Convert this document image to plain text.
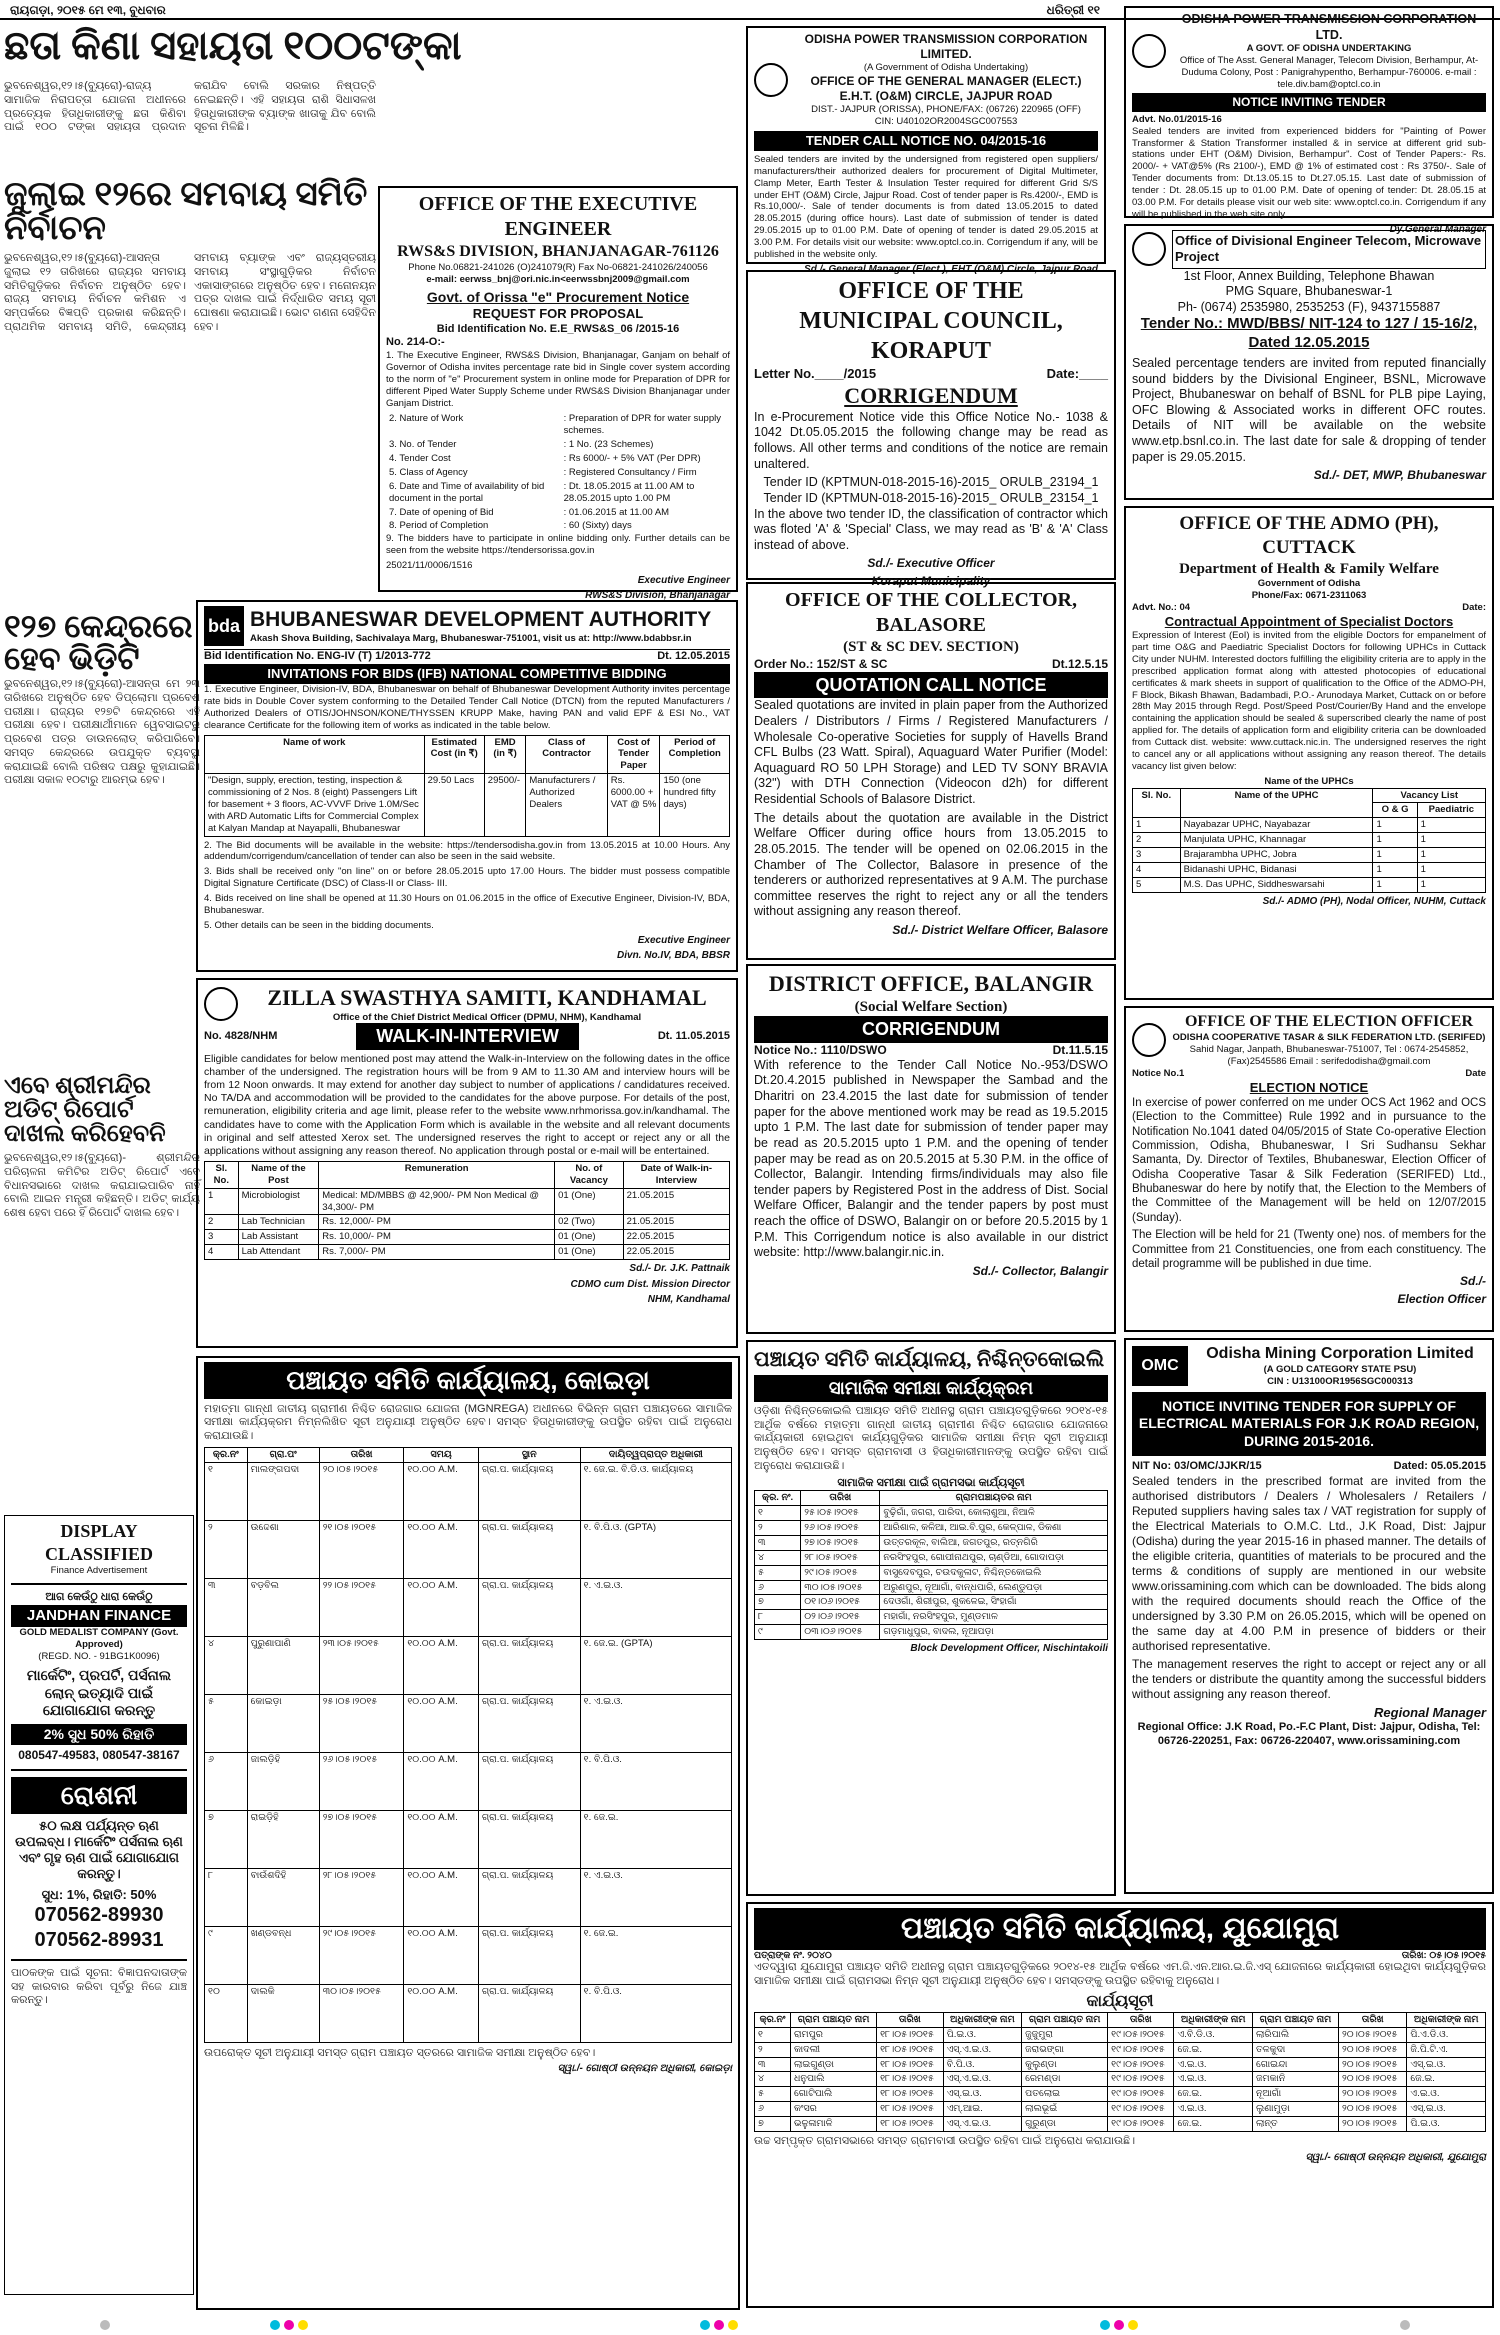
ରାୟଗଡ଼ା, ୨୦୧୫ ମେ ୧୩, ବୁଧବାର	ଧରିତ୍ରୀ ୧୧
ଛତା କିଣା ସହାୟତା ୧୦୦ଟଙ୍କା
ଭୁବନେଶ୍ୱର,୧୨।୫(ବ୍ୟୁରୋ)-ରାଜ୍ୟ ସାମାଜିକ ନିରାପତ୍ତା ଯୋଜନା ଅଧୀନରେ ପ୍ରତ୍ୟେକ ହିତାଧିକାରୀଙ୍କୁ ଛତା କିଣିବା ପାଇଁ ୧୦୦ ଟଙ୍କା ସହାୟତା ପ୍ରଦାନ କରାଯିବ ବୋଲି ସରକାର ନିଷ୍ପତ୍ତି ନେଇଛନ୍ତି। ଏହି ସହାୟତା ରାଶି ସିଧାସଳଖ ହିତାଧିକାରୀଙ୍କ ବ୍ୟାଙ୍କ ଖାତାକୁ ଯିବ ବୋଲି ସୂଚନା ମିଳିଛି।
ଜୁଲାଇ ୧୨ରେ ସମବାୟ ସମିତି ନିର୍ବାଚନ
ଭୁବନେଶ୍ୱର,୧୨।୫(ବ୍ୟୁରୋ)-ଆସନ୍ତା ଜୁଲାଇ ୧୨ ତାରିଖରେ ରାଜ୍ୟର ସମବାୟ ସମିତିଗୁଡ଼ିକର ନିର୍ବାଚନ ଅନୁଷ୍ଠିତ ହେବ। ରାଜ୍ୟ ସମବାୟ ନିର୍ବାଚନ କମିଶନ ଏ ସମ୍ପର୍କରେ ବିଜ୍ଞପ୍ତି ପ୍ରକାଶ କରିଛନ୍ତି। ପ୍ରାଥମିକ ସମବାୟ ସମିତି, କେନ୍ଦ୍ରୀୟ ସମବାୟ ବ୍ୟାଙ୍କ ଏବଂ ରାଜ୍ୟସ୍ତରୀୟ ସମବାୟ ସଂସ୍ଥାଗୁଡ଼ିକର ନିର୍ବାଚନ ଏକାସାଙ୍ଗରେ ଅନୁଷ୍ଠିତ ହେବ। ମନୋନୟନ ପତ୍ର ଦାଖଲ ପାଇଁ ନିର୍ଦ୍ଧାରିତ ସମୟ ସୂଚୀ ଘୋଷଣା କରାଯାଇଛି। ଭୋଟ ଗଣନା ସେହିଦିନ ହେବ।
୧୨୭ କେନ୍ଦ୍ରରେ ହେବ ଭିଡ଼ିଟି
ଭୁବନେଶ୍ୱର,୧୨।୫(ବ୍ୟୁରୋ)-ଆସନ୍ତା ମେ ୨୩ ତାରିଖରେ ଅନୁଷ୍ଠିତ ହେବ ଡିପ୍ଲୋମା ପ୍ରବେଶ ପରୀକ୍ଷା। ରାଜ୍ୟର ୧୨୭ଟି କେନ୍ଦ୍ରରେ ଏହି ପରୀକ୍ଷା ହେବ। ପରୀକ୍ଷାର୍ଥୀମାନେ ୱେବସାଇଟରୁ ପ୍ରବେଶ ପତ୍ର ଡାଉନଲୋଡ୍ କରିପାରିବେ। ସମସ୍ତ କେନ୍ଦ୍ରରେ ଉପଯୁକ୍ତ ବ୍ୟବସ୍ଥା କରାଯାଇଛି ବୋଲି ପରିଷଦ ପକ୍ଷରୁ କୁହାଯାଇଛି। ପରୀକ୍ଷା ସକାଳ ୧୦ଟାରୁ ଆରମ୍ଭ ହେବ।
ଏବେ ଶ୍ରୀମନ୍ଦିର ଅଡିଟ୍ ରିପୋର୍ଟ ଦାଖଲ କରିହେବନି
ଭୁବନେଶ୍ୱର,୧୨।୫(ବ୍ୟୁରୋ)- ଶ୍ରୀମନ୍ଦିର ପରିଚାଳନା କମିଟିର ଅଡିଟ୍ ରିପୋର୍ଟ ଏବେ ବିଧାନସଭାରେ ଦାଖଲ କରାଯାଇପାରିବ ନାହିଁ ବୋଲି ଆଇନ ମନ୍ତ୍ରୀ କହିଛନ୍ତି। ଅଡିଟ୍ କାର୍ଯ୍ୟ ଶେଷ ହେବା ପରେ ହିଁ ରିପୋର୍ଟ ଦାଖଲ ହେବ।
DISPLAY CLASSIFIED
Finance Advertisement
ଆଗ କେଉଁଠୁ ଧାରା କେଉଁଠୁ
JANDHAN FINANCE
GOLD MEDALIST COMPANY (Govt. Approved)
(REGD. NO. - 91BG1K0096)
ମାର୍କେଟିଂ, ପ୍ରପର୍ଟି, ପର୍ସନାଲ ଲୋନ୍ ଇତ୍ୟାଦି ପାଇଁ ଯୋଗାଯୋଗ କରନ୍ତୁ
2% ସୁଧ 50% ରିହାତି
080547-49583, 080547-38167
ରୋଶନୀ
୫୦ ଲକ୍ଷ ପର୍ଯ୍ୟନ୍ତ ଋଣ ଉପଲବ୍ଧ। ମାର୍କେଟିଂ ପର୍ସନାଲ ଋଣ ଏବଂ ଗୃହ ଋଣ ପାଇଁ ଯୋଗାଯୋଗ କରନ୍ତୁ।
ସୁଧ: 1%, ରିହାତି: 50%
070562-89930
070562-89931
ପାଠକଙ୍କ ପାଇଁ ସୂଚନା: ବିଜ୍ଞାପନଦାତାଙ୍କ ସହ କାରବାର କରିବା ପୂର୍ବରୁ ନିଜେ ଯାଞ୍ଚ କରନ୍ତୁ।
OFFICE OF THE EXECUTIVE ENGINEER
RWS&S DIVISION, BHANJANAGAR-761126
Phone No.06821-241026 (O)241079(R) Fax No-06821-241026/240056
e-mail: eerwss_bnj@ori.nic.in<eerwssbnj2009@gmail.com
Govt. of Orissa "e" Procurement Notice
REQUEST FOR PROPOSAL
Bid Identification No. E.E_RWS&S_06 /2015-16
No. 214-O:-

1. The Executive Engineer, RWS&S Division, Bhanjanagar, Ganjam on behalf of Governor of Odisha invites percentage rate bid in Single cover system according to the norm of "e" Procurement system in online mode for Preparation of DPR for different Piped Water Supply Scheme under RWS&S Division Bhanjanagar under Ganjam District.

2. Nature of Work	: Preparation of DPR for water supply schemes.
3. No. of Tender	: 1 No. (23 Schemes)
4. Tender Cost	: Rs 6000/- + 5% VAT (Per DPR)
5. Class of Agency	: Registered Consultancy / Firm
6. Date and Time of availability of bid document in the portal	: Dt. 18.05.2015 at 11.00 AM to 28.05.2015 upto 1.00 PM
7. Date of opening of Bid	: 01.06.2015 at 11.00 AM
8. Period of Completion	: 60 (Sixty) days

9. The bidders have to participate in online bidding only. Further details can be seen from the website https://tendersorissa.gov.in

25021/11/0006/1516
Executive Engineer
RWS&S Division, Bhanjanagar
bda BHUBANESWAR DEVELOPMENT AUTHORITY
Akash Shova Building, Sachivalaya Marg, Bhubaneswar-751001, visit us at: http://www.bdabbsr.in
Bid Identification No. ENG-IV (T) 1/2013-772	Dt. 12.05.2015
INVITATIONS FOR BIDS (IFB) NATIONAL COMPETITIVE BIDDING

1. Executive Engineer, Division-IV, BDA, Bhubaneswar on behalf of Bhubaneswar Development Authority invites percentage rate bids in Double Cover system conforming to the Detailed Tender Call Notice (DTCN) from the reputed Manufacturers / Authorized Dealers of OTIS/JOHNSON/KONE/THYSSEN KRUPP Make, having PAN and valid EPF & ESI No., VAT clearance Certificate for the following item of works as indicated in the table below.

Name of work	Estimated Cost (in ₹)	EMD (in ₹)	Class of Contractor	Cost of Tender Paper	Period of Completion
"Design, supply, erection, testing, inspection & commissioning of 2 Nos. 8 (eight) Passengers Lift for basement + 3 floors, AC-VVVF Drive 1.0M/Sec with ARD Automatic Lifts for Commercial Complex at Kalyan Mandap at Nayapalli, Bhubaneswar	29.50 Lacs	29500/-	Manufacturers / Authorized Dealers	Rs. 6000.00 + VAT @ 5%	150 (one hundred fifty days)

2. The Bid documents will be available in the website: https://tendersodisha.gov.in from 13.05.2015 at 10.00 Hours. Any addendum/corrigendum/cancellation of tender can also be seen in the said website.

3. Bids shall be received only "on line" on or before 28.05.2015 upto 17.00 Hours. The bidder must possess compatible Digital Signature Certificate (DSC) of Class-II or Class- III.

4. Bids received on line shall be opened at 11.30 Hours on 01.06.2015 in the office of Executive Engineer, Division-IV, BDA, Bhubaneswar.

5. Other details can be seen in the bidding documents.

Executive Engineer
Divn. No.IV, BDA, BBSR
ZILLA SWASTHYA SAMITI, KANDHAMAL
Office of the Chief District Medical Officer (DPMU, NHM), Kandhamal
No. 4828/NHM	WALK-IN-INTERVIEW	Dt. 11.05.2015

Eligible candidates for below mentioned post may attend the Walk-in-Interview on the following dates in the office chamber of the undersigned. The registration hours will be from 9 AM to 11.30 AM and interview hours will be from 12 Noon onwards. It may extend for another day subject to number of applications / candidatures received. No TA/DA and accommodation will be provided to the candidates for the above purpose. For details of the post, remuneration, eligibility criteria and age limit, please refer to the website www.nrhmorissa.gov.in/kandhamal. The candidates have to come with the Application Form which is available in the website and all relevant documents in original and self attested Xerox set. The undersigned reserves the right to accept or reject any or all the applications without assigning any reason thereof. No application through postal or e-mail will be entertained.

Sl. No.	Name of the Post	Remuneration	No. of Vacancy	Date of Walk-in-Interview
1	Microbiologist	Medical: MD/MBBS @ 42,900/- PM Non Medical @ 34,300/- PM	01 (One)	21.05.2015
2	Lab Technician	Rs. 12,000/- PM	02 (Two)	21.05.2015
3	Lab Assistant	Rs. 10,000/- PM	01 (One)	22.05.2015
4	Lab Attendant	Rs. 7,000/- PM	01 (One)	22.05.2015
Sd./- Dr. J.K. Pattnaik
CDMO cum Dist. Mission Director
NHM, Kandhamal
ପଞ୍ଚାୟତ ସମିତି କାର୍ଯ୍ୟାଳୟ, କୋଇଡ଼ା

ମହାତ୍ମା ଗାନ୍ଧୀ ଜାତୀୟ ଗ୍ରାମୀଣ ନିଶ୍ଚିତ ରୋଜଗାର ଯୋଜନା (MGNREGA) ଅଧୀନରେ ବିଭିନ୍ନ ଗ୍ରାମ ପଞ୍ଚାୟତରେ ସାମାଜିକ ସମୀକ୍ଷା କାର୍ଯ୍ୟକ୍ରମ ନିମ୍ନଲିଖିତ ସୂଚୀ ଅନୁଯାୟୀ ଅନୁଷ୍ଠିତ ହେବ। ସମସ୍ତ ହିତାଧିକାରୀଙ୍କୁ ଉପସ୍ଥିତ ରହିବା ପାଇଁ ଅନୁରୋଧ କରାଯାଉଛି।

କ୍ର.ନଂ	ଗ୍ରା.ପଂ	ତାରିଖ	ସମୟ	ସ୍ଥାନ	ଦାୟିତ୍ୱପ୍ରାପ୍ତ ଅଧିକାରୀ
୧	ମାଲଙ୍ଗପଦା	୨୦।୦୫।୨୦୧୫	୧୦.୦୦ A.M.	ଗ୍ରା.ପ. କାର୍ଯ୍ୟାଳୟ	୧. ଜେ.ଇ. ବି.ଡି.ଓ. କାର୍ଯ୍ୟାଳୟ
୨	ଉଦ୍ଦେଶା	୨୧।୦୫।୨୦୧୫	୧୦.୦୦ A.M.	ଗ୍ରା.ପ. କାର୍ଯ୍ୟାଳୟ	୧. ବି.ପି.ଓ. (GPTA)
୩	ବଡ଼ବିଲ	୨୨।୦୫।୨୦୧୫	୧୦.୦୦ A.M.	ଗ୍ରା.ପ. କାର୍ଯ୍ୟାଳୟ	୧. ଏ.ଇ.ଓ.
୪	ପୁରୁଣାପାଣି	୨୩।୦୫।୨୦୧୫	୧୦.୦୦ A.M.	ଗ୍ରା.ପ. କାର୍ଯ୍ୟାଳୟ	୧. ଜେ.ଇ. (GPTA)
୫	କୋଇଡ଼ା	୨୫।୦୫।୨୦୧୫	୧୦.୦୦ A.M.	ଗ୍ରା.ପ. କାର୍ଯ୍ୟାଳୟ	୧. ଏ.ଇ.ଓ.
୬	ଜାଲଡ଼ିହି	୨୬।୦୫।୨୦୧୫	୧୦.୦୦ A.M.	ଗ୍ରା.ପ. କାର୍ଯ୍ୟାଳୟ	୧. ବି.ପି.ଓ.
୭	ରାଇଡ଼ିହି	୨୭।୦୫।୨୦୧୫	୧୦.୦୦ A.M.	ଗ୍ରା.ପ. କାର୍ଯ୍ୟାଳୟ	୧. ଜେ.ଇ.
୮	ବାଉଁଶଦିହି	୨୮।୦୫।୨୦୧୫	୧୦.୦୦ A.M.	ଗ୍ରା.ପ. କାର୍ଯ୍ୟାଳୟ	୧. ଏ.ଇ.ଓ.
୯	ଖଣ୍ଡବନ୍ଧ	୨୯।୦୫।୨୦୧୫	୧୦.୦୦ A.M.	ଗ୍ରା.ପ. କାର୍ଯ୍ୟାଳୟ	୧. ଜେ.ଇ.
୧୦	ଦାଲକି	୩୦।୦୫।୨୦୧୫	୧୦.୦୦ A.M.	ଗ୍ରା.ପ. କାର୍ଯ୍ୟାଳୟ	୧. ବି.ପି.ଓ.

ଉପରୋକ୍ତ ସୂଚୀ ଅନୁଯାୟୀ ସମସ୍ତ ଗ୍ରାମ ପଞ୍ଚାୟତ ସ୍ତରରେ ସାମାଜିକ ସମୀକ୍ଷା ଅନୁଷ୍ଠିତ ହେବ।

ସ୍ୱା./- ଗୋଷ୍ଠୀ ଉନ୍ନୟନ ଅଧିକାରୀ, କୋଇଡ଼ା
ODISHA POWER TRANSMISSION CORPORATION LIMITED.
(A Government of Odisha Undertaking)
OFFICE OF THE GENERAL MANAGER (ELECT.)
E.H.T. (O&M) CIRCLE, JAJPUR ROAD
DIST.- JAJPUR (ORISSA), PHONE/FAX: (06726) 220965 (OFF)
CIN: U40102OR2004SGC007553
TENDER CALL NOTICE NO. 04/2015-16

Sealed tenders are invited by the undersigned from registered open suppliers/ manufacturers/their authorized dealers for procurement of Digital Multimeter, Clamp Meter, Earth Tester & Insulation Tester required for different Grid S/S under EHT (O&M) Circle, Jajpur Road. Cost of tender paper is Rs.4200/-, EMD is Rs.10,000/-. Sale of tender documents is from dated 13.05.2015 to dated 28.05.2015 (during office hours). Last date of submission of tender is dated 29.05.2015 up to 01.00 P.M. Date of opening of tender is dated 29.05.2015 at 3.00 P.M. For details visit our website: www.optcl.co.in. Corrigendum if any, will be published in the website only.

Sd./- General Manager (Elect.), EHT (O&M) Circle, Jajpur Road
OFFICE OF THE
MUNICIPAL COUNCIL, KORAPUT
Letter No.____/2015	Date:____
CORRIGENDUM

In e-Procurement Notice vide this Office Notice No.- 1038 & 1042 Dt.05.05.2015 the following change may be read as follows. All other terms and conditions of the notice are remain unaltered.

Tender ID (KPTMUN-018-2015-16)-2015_ ORULB_23194_1
Tender ID (KPTMUN-018-2015-16)-2015_ ORULB_23154_1

In the above two tender ID, the classification of contractor which was floted 'A' & 'Special' Class, we may read as 'B' & 'A' Class instead of above.

Sd./- Executive Officer
Koraput Municipality
OFFICE OF THE COLLECTOR, BALASORE
(ST & SC DEV. SECTION)
Order No.: 152/ST & SC	Dt.12.5.15
QUOTATION CALL NOTICE

Sealed quotations are invited in plain paper from the Authorized Dealers / Distributors / Firms / Registered Manufacturers / Wholesale Co-operative Societies for supply of Havells Brand CFL Bulbs (23 Watt. Spiral), Aquaguard Water Purifier (Model: Aquaguard RO 50 LPH Storage) and LED TV SONY BRAVIA (32") with DTH Connection (Videocon d2h) for different Residential Schools of Balasore District.

The details about the quotation are available in the District Welfare Officer during office hours from 13.05.2015 to 28.05.2015. The tender will be opened on 02.06.2015 in the Chamber of The Collector, Balasore in presence of the tenderers or authorized representatives at 9 A.M. The purchase committee reserves the right to reject any or all the tenders without assigning any reason thereof.

Sd./- District Welfare Officer, Balasore
DISTRICT OFFICE, BALANGIR
(Social Welfare Section)
CORRIGENDUM
Notice No.: 1110/DSWO	Dt.11.5.15

With reference to the Tender Call Notice No.-953/DSWO Dt.20.4.2015 published in Newspaper the Sambad and the Dharitri on 23.4.2015 the last date for submission of tender paper for the above mentioned work may be read as 19.5.2015 upto 1 P.M. The last date for submission of tender paper may be read as 20.5.2015 upto 1 P.M. and the opening of tender paper may be read as on 20.5.2015 at 5.30 P.M. in the office of Collector, Balangir. Intending firms/individuals may also file tender papers by Registered Post in the address of Dist. Social Welfare Officer, Balangir and the tender papers by post must reach the office of DSWO, Balangir on or before 20.5.2015 by 1 P.M. This Corrigendum notice is also available in our district website: http://www.balangir.nic.in.

Sd./- Collector, Balangir
ପଞ୍ଚାୟତ ସମିତି କାର୍ଯ୍ୟାଳୟ, ନିଶ୍ଚିନ୍ତକୋଇଲି
ସାମାଜିକ ସମୀକ୍ଷା କାର୍ଯ୍ୟକ୍ରମ

ଓଡ଼ିଶା ନିଶ୍ଚିନ୍ତକୋଇଲି ପଞ୍ଚାୟତ ସମିତି ଅଧୀନସ୍ଥ ଗ୍ରାମ ପଞ୍ଚାୟତଗୁଡ଼ିକରେ ୨୦୧୪-୧୫ ଆର୍ଥିକ ବର୍ଷରେ ମହାତ୍ମା ଗାନ୍ଧୀ ଜାତୀୟ ଗ୍ରାମୀଣ ନିଶ୍ଚିତ ରୋଜଗାର ଯୋଜନାରେ କାର୍ଯ୍ୟକାରୀ ହୋଇଥିବା କାର୍ଯ୍ୟଗୁଡ଼ିକର ସାମାଜିକ ସମୀକ୍ଷା ନିମ୍ନ ସୂଚୀ ଅନୁଯାୟୀ ଅନୁଷ୍ଠିତ ହେବ। ସମସ୍ତ ଗ୍ରାମବାସୀ ଓ ହିତାଧିକାରୀମାନଙ୍କୁ ଉପସ୍ଥିତ ରହିବା ପାଇଁ ଅନୁରୋଧ କରାଯାଉଛି।

ସାମାଜିକ ସମୀକ୍ଷା ପାଇଁ ଗ୍ରାମସଭା କାର୍ଯ୍ୟସୂଚୀ
କ୍ର. ନଂ.	ତାରିଖ	ଗ୍ରାମପଞ୍ଚାୟତର ନାମ
୧	୨୫।୦୫।୨୦୧୫	ବୁଢ଼ିଗାଁ, ଜଗରା, ପାରିଦା, କୋଲାଶୁଆ, ନିଆଳି
୨	୨୬।୦୫।୨୦୧୫	ଆରିଶାଳ, କଳିଆ, ଆଇ.ବି.ପୁର, କେଳ୍ପାଳ, ଡିକଣା
୩	୨୭।୦୫।୨୦୧୫	ଉତ୍ତରକୂଳ, ବାଲିଆ, ଜଗତପୁର, ରତ୍ନଗିରି
୪	୨୮।୦୫।୨୦୧୫	ନରସିଂହପୁର, ଗୋପୀନାଥପୁର, ଚାଣ୍ଡିଆ, ଗୋଦାପଡ଼ା
୫	୨୯।୦୫।୨୦୧୫	ବାସୁଦେବପୁର, ଚଉଦକୁଳାଟ, ନିଶ୍ଚିନ୍ତକୋଇଲି
୬	୩୦।୦୫।୨୦୧୫	ଅରୁଣପୁର, ନୂଆଗାଁ, ବାନ୍ଧପାରି, ଲେଣ୍ଡୁପଡ଼ା
୭	୦୧।୦୬।୨୦୧୫	ଦେଓଗାଁ, ଶିରୀପୁର, ଶୁକଳେଇ, ସିଂହାଗାଁ
୮	୦୨।୦୬।୨୦୧୫	ମହାଗାଁ, ନରସିଂହପୁର, ମୁଣ୍ଡମାଳ
୯	୦୩।୦୬।୨୦୧୫	ଗଡ଼ମାଧୁପୁର, ବାଦଲ, ନୂଆପଡ଼ା
Block Development Officer, Nischintakoili
ପଞ୍ଚାୟତ ସମିତି କାର୍ଯ୍ୟାଳୟ, ଯୁଯୋମୁରା
ପତ୍ରାଙ୍କ ନଂ. ୨୦୪୦	ତାରିଖ: ୦୫।୦୫।୨୦୧୫

ଏତଦ୍ୱାରା ଯୁଯୋମୁରା ପଞ୍ଚାୟତ ସମିତି ଅଧୀନସ୍ଥ ଗ୍ରାମ ପଞ୍ଚାୟତଗୁଡ଼ିକରେ ୨୦୧୪-୧୫ ଆର୍ଥିକ ବର୍ଷରେ ଏମ.ଜି.ଏନ.ଆର.ଇ.ଜି.ଏସ୍ ଯୋଜନାରେ କାର୍ଯ୍ୟକାରୀ ହୋଇଥିବା କାର୍ଯ୍ୟଗୁଡ଼ିକର ସାମାଜିକ ସମୀକ୍ଷା ପାଇଁ ଗ୍ରାମସଭା ନିମ୍ନ ସୂଚୀ ଅନୁଯାୟୀ ଅନୁଷ୍ଠିତ ହେବ। ସମସ୍ତଙ୍କୁ ଉପସ୍ଥିତ ରହିବାକୁ ଅନୁରୋଧ।

କାର୍ଯ୍ୟସୂଚୀ
କ୍ର.ନଂ	ଗ୍ରାମ ପଞ୍ଚାୟତ ନାମ	ତାରିଖ	ଅଧିକାରୀଙ୍କ ନାମ	ଗ୍ରାମ ପଞ୍ଚାୟତ ନାମ	ତାରିଖ	ଅଧିକାରୀଙ୍କ ନାମ	ଗ୍ରାମ ପଞ୍ଚାୟତ ନାମ	ତାରିଖ	ଅଧିକାରୀଙ୍କ ନାମ
୧	ରାମପୁର	୧୮।୦୫।୨୦୧୫	ପି.ଇ.ଓ.	ଜୁଜୁମୁରା	୧୯।୦୫।୨୦୧୫	ଏ.ବି.ଡି.ଓ.	ଲାରିପାଲି	୨୦।୦୫।୨୦୧୫	ପି.ଏ.ଡି.ଓ.
୨	କାଦଲୀ	୧୮।୦୫।୨୦୧୫	ଏସ୍.ଏ.ଇ.ଓ.	ଜରାଭଙ୍ଗା	୧୯।୦୫।୨୦୧୫	ଜେ.ଇ.	ତଳକୁଦା	୨୦।୦୫।୨୦୧୫	ଜି.ପି.ଟି.ଏ.
୩	ଲାଇଗୁଣ୍ଡା	୧୮।୦୫।୨୦୧୫	ବି.ପି.ଓ.	କୁଲୁଣ୍ଡା	୧୯।୦୫।୨୦୧୫	ଏ.ଇ.ଓ.	ଗୋଇନ୍ଦା	୨୦।୦୫।୨୦୧୫	ଏସ୍.ଇ.ଓ.
୪	ଧନୁପାଲି	୧୮।୦୫।୨୦୧୫	ଏସ୍.ଏ.ଇ.ଓ.	ରେମଣ୍ଡା	୧୯।୦୫।୨୦୧୫	ଏ.ଇ.ଓ.	ଜମକାନି	୨୦।୦୫।୨୦୧୫	ଜେ.ଇ.
୫	ଗୋଟିପାଲି	୧୮।୦୫।୨୦୧୫	ଏସ୍.ଇ.ଓ.	ପତଲୋଇ	୧୯।୦୫।୨୦୧୫	ଜେ.ଇ.	ନୂଆଗାଁ	୨୦।୦୫।୨୦୧୫	ଏ.ଇ.ଓ.
୬	କଂସର	୧୮।୦୫।୨୦୧୫	ଏମ୍.ଆଇ.	ଲାଲଭୂଇଁ	୧୯।୦୫।୨୦୧୫	ଏ.ଇ.ଓ.	ଲୁଣାମୁଡ଼ା	୨୦।୦୫।୨୦୧୫	ଏସ୍.ଇ.ଓ.
୭	ଭଳୁଳାମାଳି	୧୮।୦୫।୨୦୧୫	ଏସ୍.ଏ.ଇ.ଓ.	ଗୁରୁଣ୍ଡା	୧୯।୦୫।୨୦୧୫	ଜେ.ଇ.	ଲାନ୍ତ	୨୦।୦୫।୨୦୧୫	ପି.ଇ.ଓ.

ଉଚ୍ଚ ସମ୍ପୃକ୍ତ ଗ୍ରାମସଭାରେ ସମସ୍ତ ଗ୍ରାମବାସୀ ଉପସ୍ଥିତ ରହିବା ପାଇଁ ଅନୁରୋଧ କରାଯାଉଛି।

ସ୍ୱା./- ଗୋଷ୍ଠୀ ଉନ୍ନୟନ ଅଧିକାରୀ, ଯୁଯୋମୁରା
ODISHA POWER TRANSMISSION CORPORATION LTD.
A GOVT. OF ODISHA UNDERTAKING
Office of The Asst. General Manager, Telecom Division, Berhampur, At-Duduma Colony, Post : Panigrahypentho, Berhampur-760006. e-mail : tele.div.bam@optcl.co.in
NOTICE INVITING TENDER
Advt. No.01/2015-16

Sealed tenders are invited from experienced bidders for "Painting of Power Transformer & Station Transformer installed & in service at different grid sub-stations under EHT (O&M) Division, Berhampur". Cost of Tender Papers:- Rs. 2000/- + VAT@5% (Rs 2100/-), EMD @ 1% of estimated cost : Rs 3750/-. Sale of Tender documents from: Dt.13.05.15 to Dt.27.05.15. Last date of submission of tender : Dt. 28.05.15 up to 01.00 P.M. Date of opening of tender: Dt. 28.05.15 at 03.00 P.M. For details please visit our web site: www.optcl.co.in. Corrigendum if any will be published in the web site only.

Dy.General Manager
Office of Divisional Engineer Telecom, Microwave Project
1st Floor, Annex Building, Telephone Bhawan
PMG Square, Bhubaneswar-1
Ph- (0674) 2535980, 2535253 (F), 9437155887
Tender No.: MWD/BBS/ NIT-124 to 127 / 15-16/2, Dated 12.05.2015

Sealed percentage tenders are invited from reputed financially sound bidders by the Divisional Engineer, BSNL, Microwave Project, Bhubaneswar on behalf of BSNL for PLB pipe Laying, OFC Blowing & Associated works in different OFC routes. Details of NIT will be available on the website www.etp.bsnl.co.in. The last date for sale & dropping of tender paper is 29.05.2015.

Sd./- DET, MWP, Bhubaneswar
OFFICE OF THE ADMO (PH), CUTTACK
Department of Health & Family Welfare
Government of Odisha
Phone/Fax: 0671-2311063
Advt. No.: 04	Date:
Contractual Appointment of Specialist Doctors

Expression of Interest (EoI) is invited from the eligible Doctors for empanelment of part time O&G and Paediatric Specialist Doctors for following UPHCs in Cuttack City under NUHM. Interested doctors fulfilling the eligibility criteria are to apply in the prescribed application format along with attested photocopies of educational certificates & mark sheets in support of qualification to the Office of the ADMO-PH, F Block, Bikash Bhawan, Badambadi, P.O.- Arunodaya Market, Cuttack on or before 28th May 2015 through Regd. Post/Speed Post/Courier/By Hand and the envelope containing the application should be sealed & superscribed clearly the name of post applied for. The details of application form and eligibility criteria can be downloaded from Cuttack dist. website: www.cuttack.nic.in. The undersigned reserves the right to cancel any or all applications without assigning any reason thereof. The details vacancy list given below:

Name of the UPHCs
Sl. No.	Name of the UPHC	Vacancy List	
		O & G	Paediatric
1	Nayabazar UPHC, Nayabazar	1	1
2	Manjulata UPHC, Khannagar	1	1
3	Brajarambha UPHC, Jobra	1	1
4	Bidanashi UPHC, Bidanasi	1	1
5	M.S. Das UPHC, Siddheswarsahi	1	1
Sd./- ADMO (PH), Nodal Officer, NUHM, Cuttack
OFFICE OF THE ELECTION OFFICER
ODISHA COOPERATIVE TASAR & SILK FEDERATION LTD. (SERIFED)
Sahid Nagar, Janpath, Bhubaneswar-751007, Tel : 0674-2545852, (Fax)2545586 Email : serifedodisha@gmail.com
Notice No.1	Date
ELECTION NOTICE

In exercise of power conferred on me under OCS Act 1962 and OCS (Election to the Committee) Rule 1992 and in pursuance to the Notification No.1041 dated 04/05/2015 of State Co-operative Election Commission, Odisha, Bhubaneswar, I Sri Sudhansu Sekhar Samanta, Dy. Director of Textiles, Bhubaneswar, Election Officer of Odisha Cooperative Tasar & Silk Federation (SERIFED) Ltd., Bhubaneswar do here by notify that, the Election to the Members of the Committee of the Management will be held on 12/07/2015 (Sunday).

The Election will be held for 21 (Twenty one) nos. of members for the Committee from 21 Constituencies, one from each constituency. The detail programme will be published in due time.

Sd./-
Election Officer
OMC
Odisha Mining Corporation Limited
(A GOLD CATEGORY STATE PSU)
CIN : U13100OR1956SGC000313
NOTICE INVITING TENDER FOR SUPPLY OF ELECTRICAL MATERIALS FOR J.K ROAD REGION, DURING 2015-2016.
NIT No: 03/OMC/JJKR/15	Dated: 05.05.2015

Sealed tenders in the prescribed format are invited from the authorised distributors / Dealers / Wholesalers / Retailers / Reputed suppliers having sales tax / VAT registration for supply of the Electrical Materials to O.M.C. Ltd., J.K Road, Dist: Jajpur (Odisha) during the year 2015-16 in phased manner. The details of the eligible criteria, quantities of materials to be procured and the terms & conditions of supply are mentioned in our website www.orissamining.com which can be downloaded. The bids along with the required documents should reach the Office of the undersigned by 3.30 P.M on 26.05.2015, which will be opened on the same day at 4.00 P.M in presence of bidders or their authorised representative.

The management reserves the right to accept or reject any or all the tenders or distribute the quantity among the successful bidders without assigning any reason thereof.

Regional Manager
Regional Office: J.K Road, Po.-F.C Plant, Dist: Jajpur, Odisha, Tel: 06726-220251, Fax: 06726-220407, www.orissamining.com
